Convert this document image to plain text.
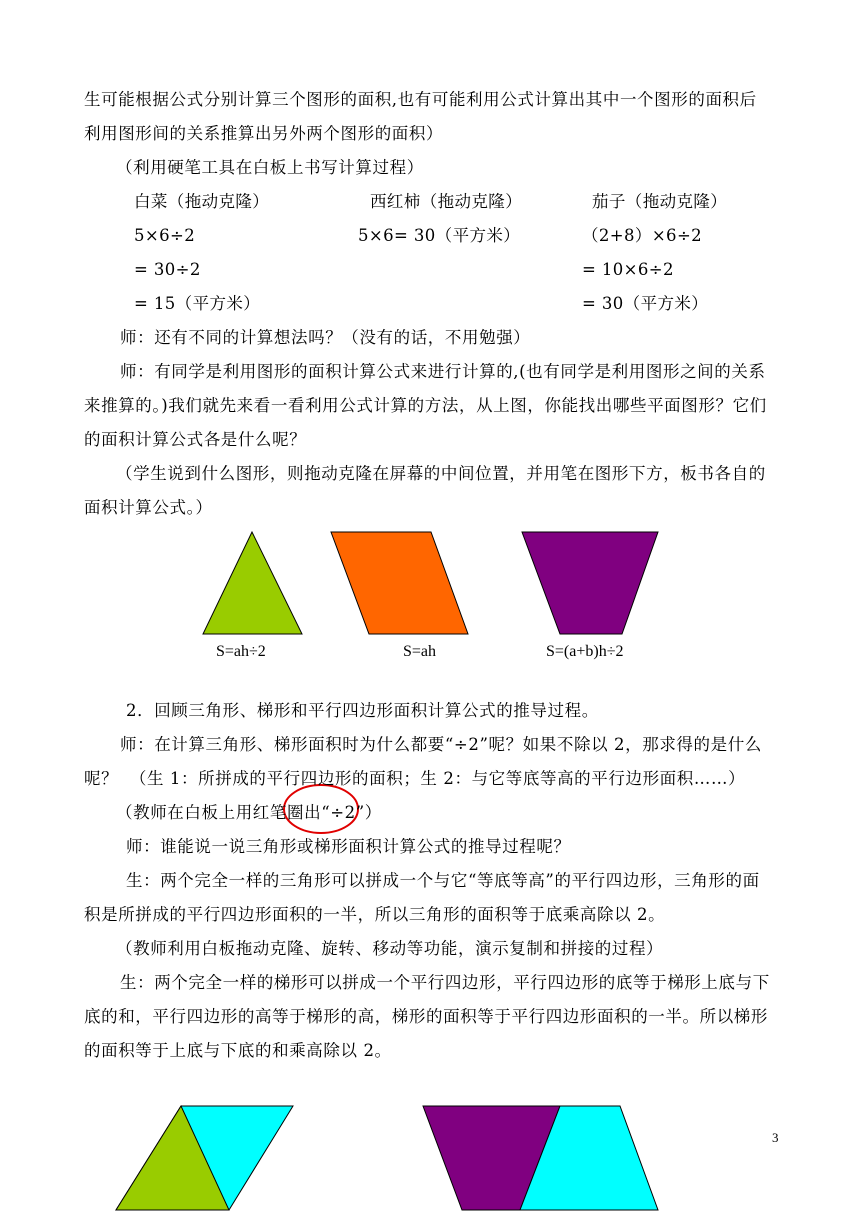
生可能根据公式分别计算三个图形的面积,也有可能利用公式计算出其中一个图形的面积后
利用图形间的关系推算出另外两个图形的面积）
（利用硬笔工具在白板上书写计算过程）
白菜（拖动克隆）
5×6÷2
= 30÷2
= 15（平方米）
西红柿（拖动克隆）
5×6= 30（平方米）
茄子（拖动克隆）
（2+8）×6÷2
= 10×6÷2
= 30（平方米）
师：还有不同的计算想法吗？（没有的话，不用勉强）
师：有同学是利用图形的面积计算公式来进行计算的,(也有同学是利用图形之间的关系
来推算的。)我们就先来看一看利用公式计算的方法，从上图，你能找出哪些平面图形？它们
的面积计算公式各是什么呢？
（学生说到什么图形，则拖动克隆在屏幕的中间位置，并用笔在图形下方，板书各自的
面积计算公式。）
S=ah÷2	S=ah	S=(a+b)h÷2
2．回顾三角形、梯形和平行四边形面积计算公式的推导过程。
师：在计算三角形、梯形面积时为什么都要“÷2”呢？如果不除以 2，那求得的是什么
呢？  （生 1：所拼成的平行四边形的面积；生 2：与它等底等高的平行边形面积……）
（教师在白板上用红笔圈出“÷2”）
师：谁能说一说三角形或梯形面积计算公式的推导过程呢？
生：两个完全一样的三角形可以拼成一个与它“等底等高”的平行四边形，三角形的面
积是所拼成的平行四边形面积的一半，所以三角形的面积等于底乘高除以 2。
（教师利用白板拖动克隆、旋转、移动等功能，演示复制和拼接的过程）
生：两个完全一样的梯形可以拼成一个平行四边形，平行四边形的底等于梯形上底与下
底的和，平行四边形的高等于梯形的高，梯形的面积等于平行四边形面积的一半。所以梯形
的面积等于上底与下底的和乘高除以 2。
3
